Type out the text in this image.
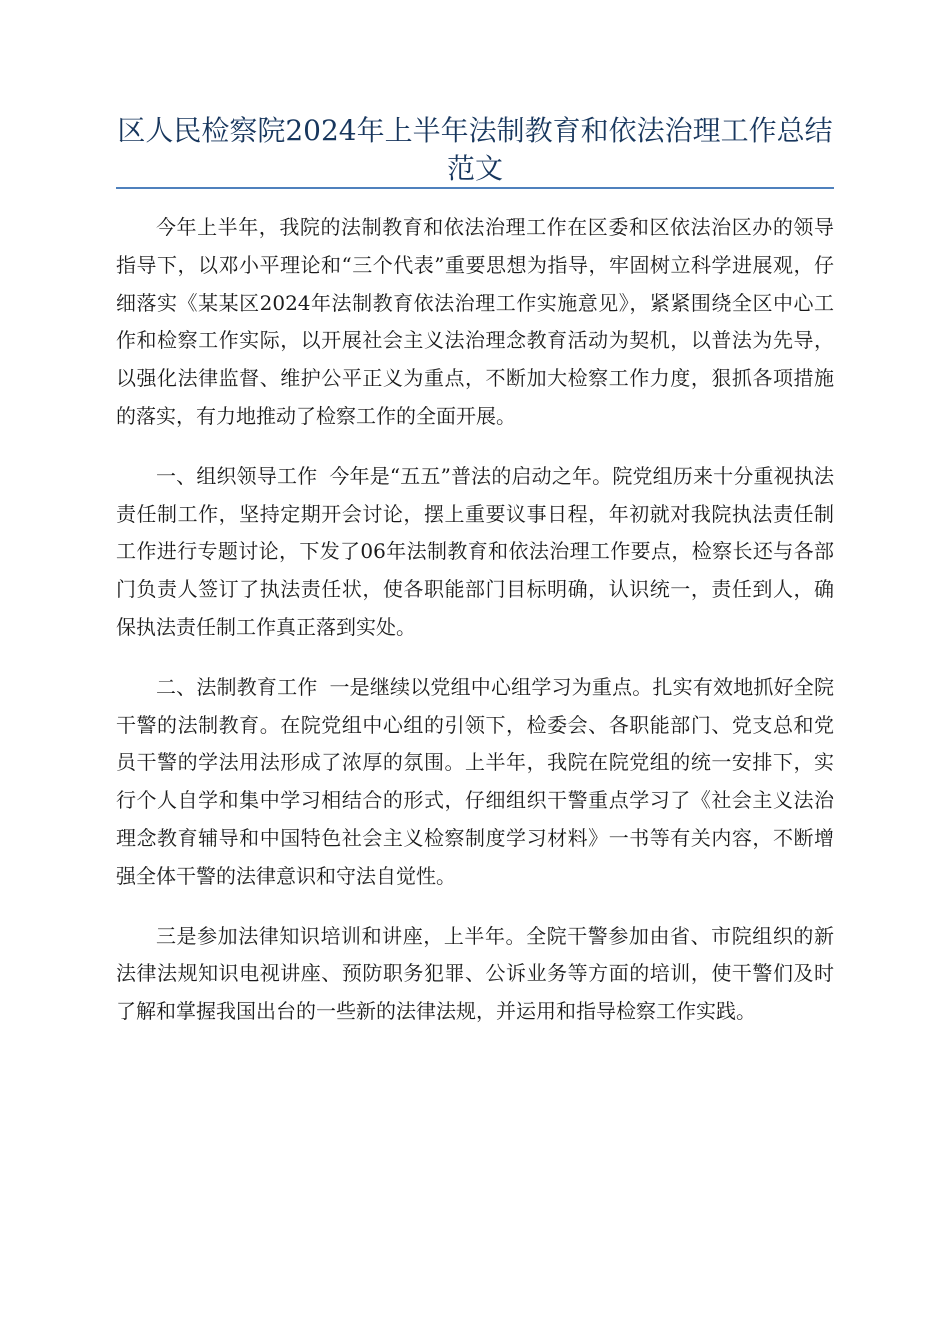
区人民检察院2024年上半年法制教育和依法治理工作总结范文

今年上半年，我院的法制教育和依法治理工作在区委和区依法治区办的领导指导下，以邓小平理论和“三个代表”重要思想为指导，牢固树立科学进展观，仔细落实《某某区2024年法制教育依法治理工作实施意见》，紧紧围绕全区中心工作和检察工作实际，以开展社会主义法治理念教育活动为契机，以普法为先导，以强化法律监督、维护公平正义为重点，不断加大检察工作力度，狠抓各项措施的落实，有力地推动了检察工作的全面开展。

一、组织领导工作 今年是“五五”普法的启动之年。院党组历来十分重视执法责任制工作，坚持定期开会讨论，摆上重要议事日程，年初就对我院执法责任制工作进行专题讨论，下发了06年法制教育和依法治理工作要点，检察长还与各部门负责人签订了执法责任状，使各职能部门目标明确，认识统一，责任到人，确保执法责任制工作真正落到实处。

二、法制教育工作 一是继续以党组中心组学习为重点。扎实有效地抓好全院干警的法制教育。在院党组中心组的引领下，检委会、各职能部门、党支总和党员干警的学法用法形成了浓厚的氛围。上半年，我院在院党组的统一安排下，实行个人自学和集中学习相结合的形式，仔细组织干警重点学习了《社会主义法治理念教育辅导和中国特色社会主义检察制度学习材料》一书等有关内容，不断增强全体干警的法律意识和守法自觉性。

三是参加法律知识培训和讲座，上半年。全院干警参加由省、市院组织的新法律法规知识电视讲座、预防职务犯罪、公诉业务等方面的培训，使干警们及时了解和掌握我国出台的一些新的法律法规，并运用和指导检察工作实践。
